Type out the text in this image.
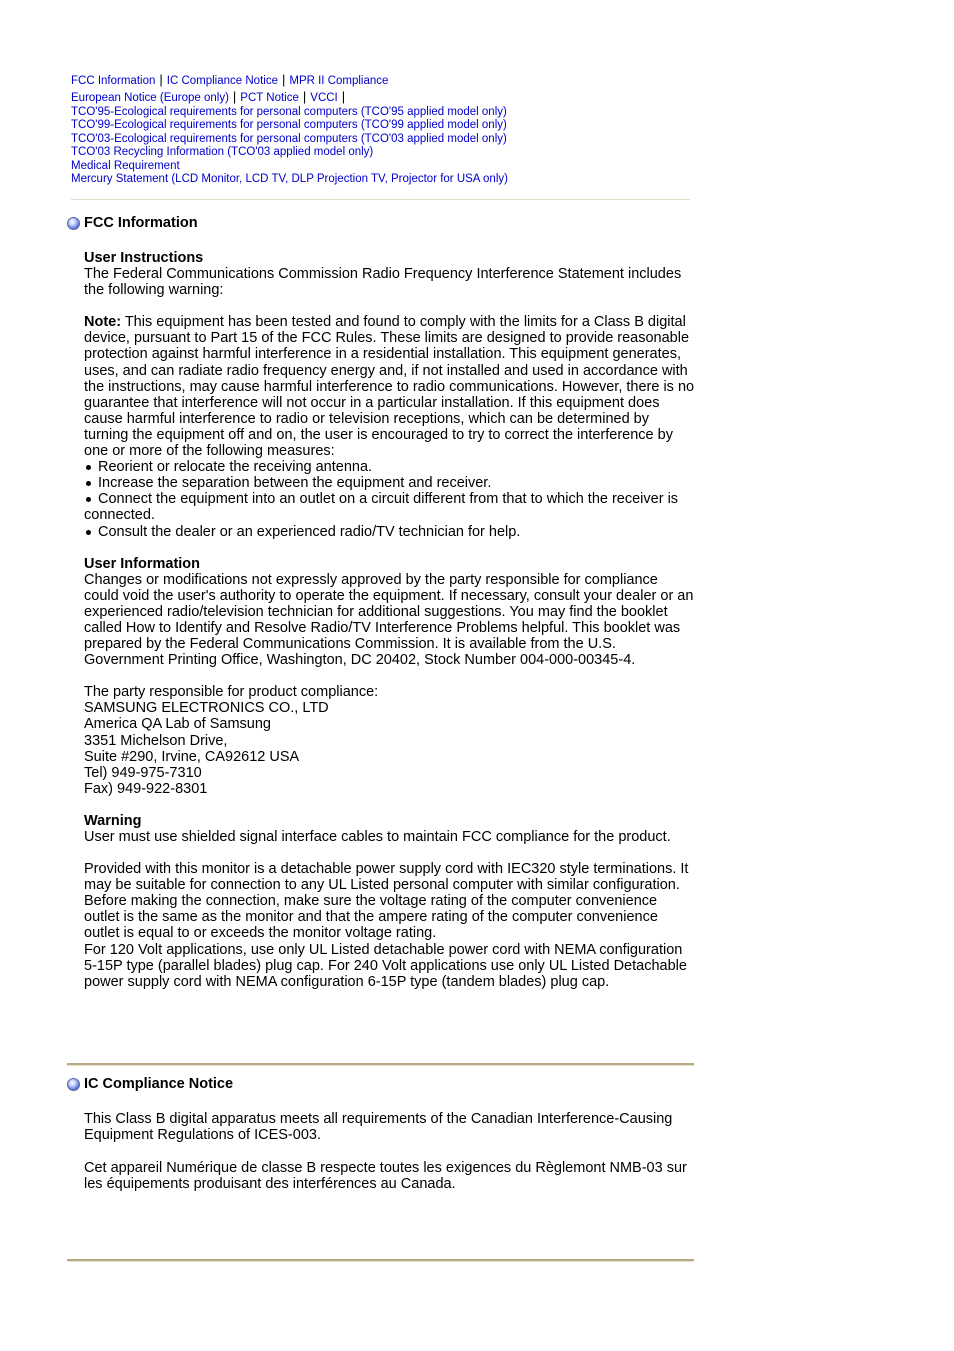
FCC Information | IC Compliance Notice | MPR II Compliance
European Notice (Europe only) | PCT Notice | VCCI |
TCO'95-Ecological requirements for personal computers (TCO'95 applied model only)
TCO'99-Ecological requirements for personal computers (TCO'99 applied model only)
TCO'03-Ecological requirements for personal computers (TCO'03 applied model only)
TCO'03 Recycling Information (TCO'03 applied model only)
Medical Requirement
Mercury Statement (LCD Monitor, LCD TV, DLP Projection TV, Projector for USA only)
FCC Information

User Instructions

The Federal Communications Commission Radio Frequency Interference Statement includes the following warning:

Note: This equipment has been tested and found to comply with the limits for a Class B digital device, pursuant to Part 15 of the FCC Rules. These limits are designed to provide reasonable protection against harmful interference in a residential installation. This equipment generates, uses, and can radiate radio frequency energy and, if not installed and used in accordance with the instructions, may cause harmful interference to radio communications. However, there is no guarantee that interference will not occur in a particular installation. If this equipment does cause harmful interference to radio or television receptions, which can be determined by turning the equipment off and on, the user is encouraged to try to correct the interference by one or more of the following measures:

Reorient or relocate the receiving antenna.
Increase the separation between the equipment and receiver.
Connect the equipment into an outlet on a circuit different from that to which the receiver is connected.
Consult the dealer or an experienced radio/TV technician for help.

User Information

Changes or modifications not expressly approved by the party responsible for compliance could void the user's authority to operate the equipment. If necessary, consult your dealer or an experienced radio/television technician for additional suggestions. You may find the booklet called How to Identify and Resolve Radio/TV Interference Problems helpful. This booklet was prepared by the Federal Communications Commission. It is available from the U.S. Government Printing Office, Washington, DC 20402, Stock Number 004-000-00345-4.

The party responsible for product compliance:

SAMSUNG ELECTRONICS CO., LTD

America QA Lab of Samsung

3351 Michelson Drive,

Suite #290, Irvine, CA92612 USA

Tel) 949-975-7310

Fax) 949-922-8301

Warning

User must use shielded signal interface cables to maintain FCC compliance for the product.

Provided with this monitor is a detachable power supply cord with IEC320 style terminations. It may be suitable for connection to any UL Listed personal computer with similar configuration. Before making the connection, make sure the voltage rating of the computer convenience outlet is the same as the monitor and that the ampere rating of the computer convenience outlet is equal to or exceeds the monitor voltage rating.

For 120 Volt applications, use only UL Listed detachable power cord with NEMA configuration 5-15P type (parallel blades) plug cap. For 240 Volt applications use only UL Listed Detachable power supply cord with NEMA configuration 6-15P type (tandem blades) plug cap.

IC Compliance Notice

This Class B digital apparatus meets all requirements of the Canadian Interference-Causing Equipment Regulations of ICES-003.

Cet appareil Numérique de classe B respecte toutes les exigences du Règlemont NMB-03 sur les équipements produisant des interférences au Canada.
